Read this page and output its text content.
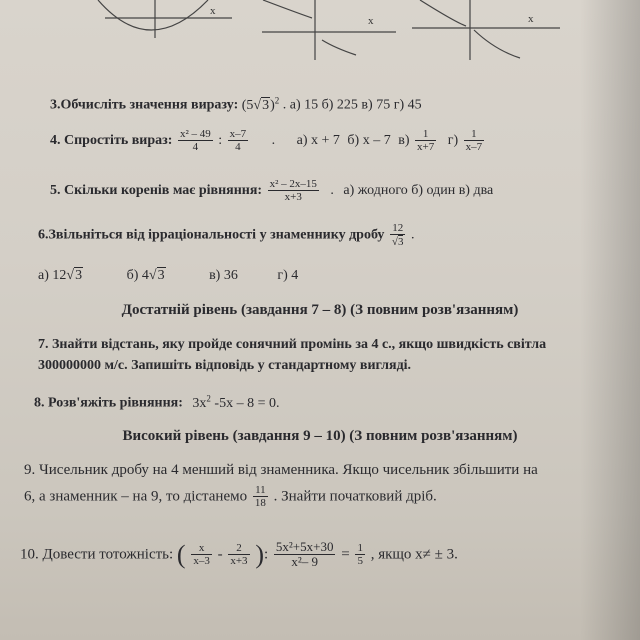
x
x	x
3.Обчисліть значення виразу: $(5√3)^2$ . а) 15 б) 225 в) 75 г) 45
4. Спростіть вираз: $\frac{\text{x² – 49}}{4}$ : $\frac{x-7}{4}$ . а) x + 7 б) x – 7 $в) \frac{1}{x+7} г) \frac{1}{x-7}$
5. Скільки коренів має рівняння: $\frac{\text{x² – 2x–15}}{x+3}$ . а) жодного б) один в) два
6.Звільніться від ірраціональності у знаменнику дробу $\frac{12}{√3}$ .
а) 12√3	б) 4√3	в) 36	г) 4
Достатній рівень (завдання 7 – 8) (З повним розв'язанням)
7. Знайти відстань, яку пройде сонячний промінь за 4 с., якщо швидкість світла
300000000 м/с. Запишіть відповідь у стандартному вигляді.
8. Розв'яжіть рівняння: $3x^2$ -5x – 8 = 0.
Високий рівень (завдання 9 – 10) (З повним розв'язанням)
9. Чисельник дробу на 4 менший від знаменника. Якщо чисельник збільшити на
6, а знаменник – на 9, то дістанемо $\frac{11}{18}$ . Знайти початковий дріб.
10. Довести тотожність: ( $\frac{x}{x-3} - \frac{2}{x+3}$ ): $\frac{\text{5x²+5x+30}}{\text{x²– 9}} = \frac{1}{5}$ , якщо x≠ ± 3.
